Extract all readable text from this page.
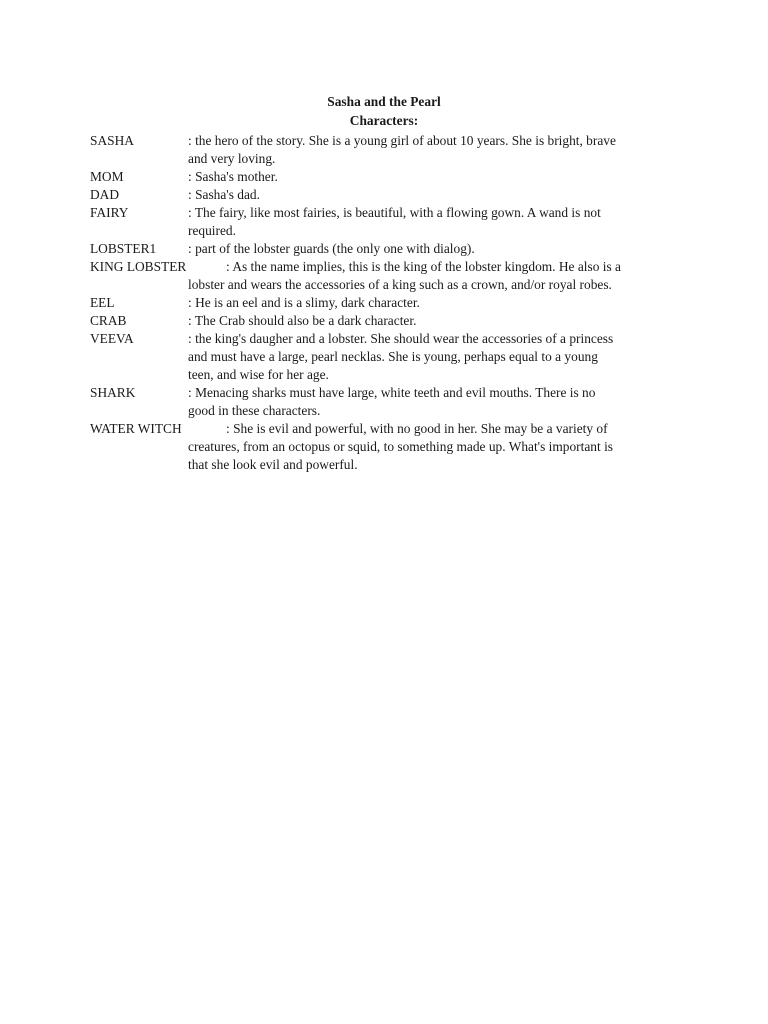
Sasha and the Pearl
Characters:
SASHA	: the hero of the story. She is a young girl of about 10 years. She is bright, brave
and very loving.
MOM	: Sasha's mother.
DAD	: Sasha's dad.
FAIRY	: The fairy, like most fairies, is beautiful, with a flowing gown. A wand is not
required.
LOBSTER1 : part of the lobster guards (the only one with dialog).
KING LOBSTER	: As the name implies, this is the king of the lobster kingdom. He also is a
lobster and wears the accessories of a king such as a crown, and/or royal robes.
EEL	: He is an eel and is a slimy, dark character.
CRAB	: The Crab should also be a dark character.
VEEVA	: the king's daugher and a lobster. She should wear the accessories of a princess
and must have a large, pearl necklas. She is young, perhaps equal to a young
teen, and wise for her age.
SHARK	: Menacing sharks must have large, white teeth and evil mouths. There is no
good in these characters.
WATER WITCH	: She is evil and powerful, with no good in her. She may be a variety of
creatures, from an octopus or squid, to something made up. What's important is
that she look evil and powerful.
